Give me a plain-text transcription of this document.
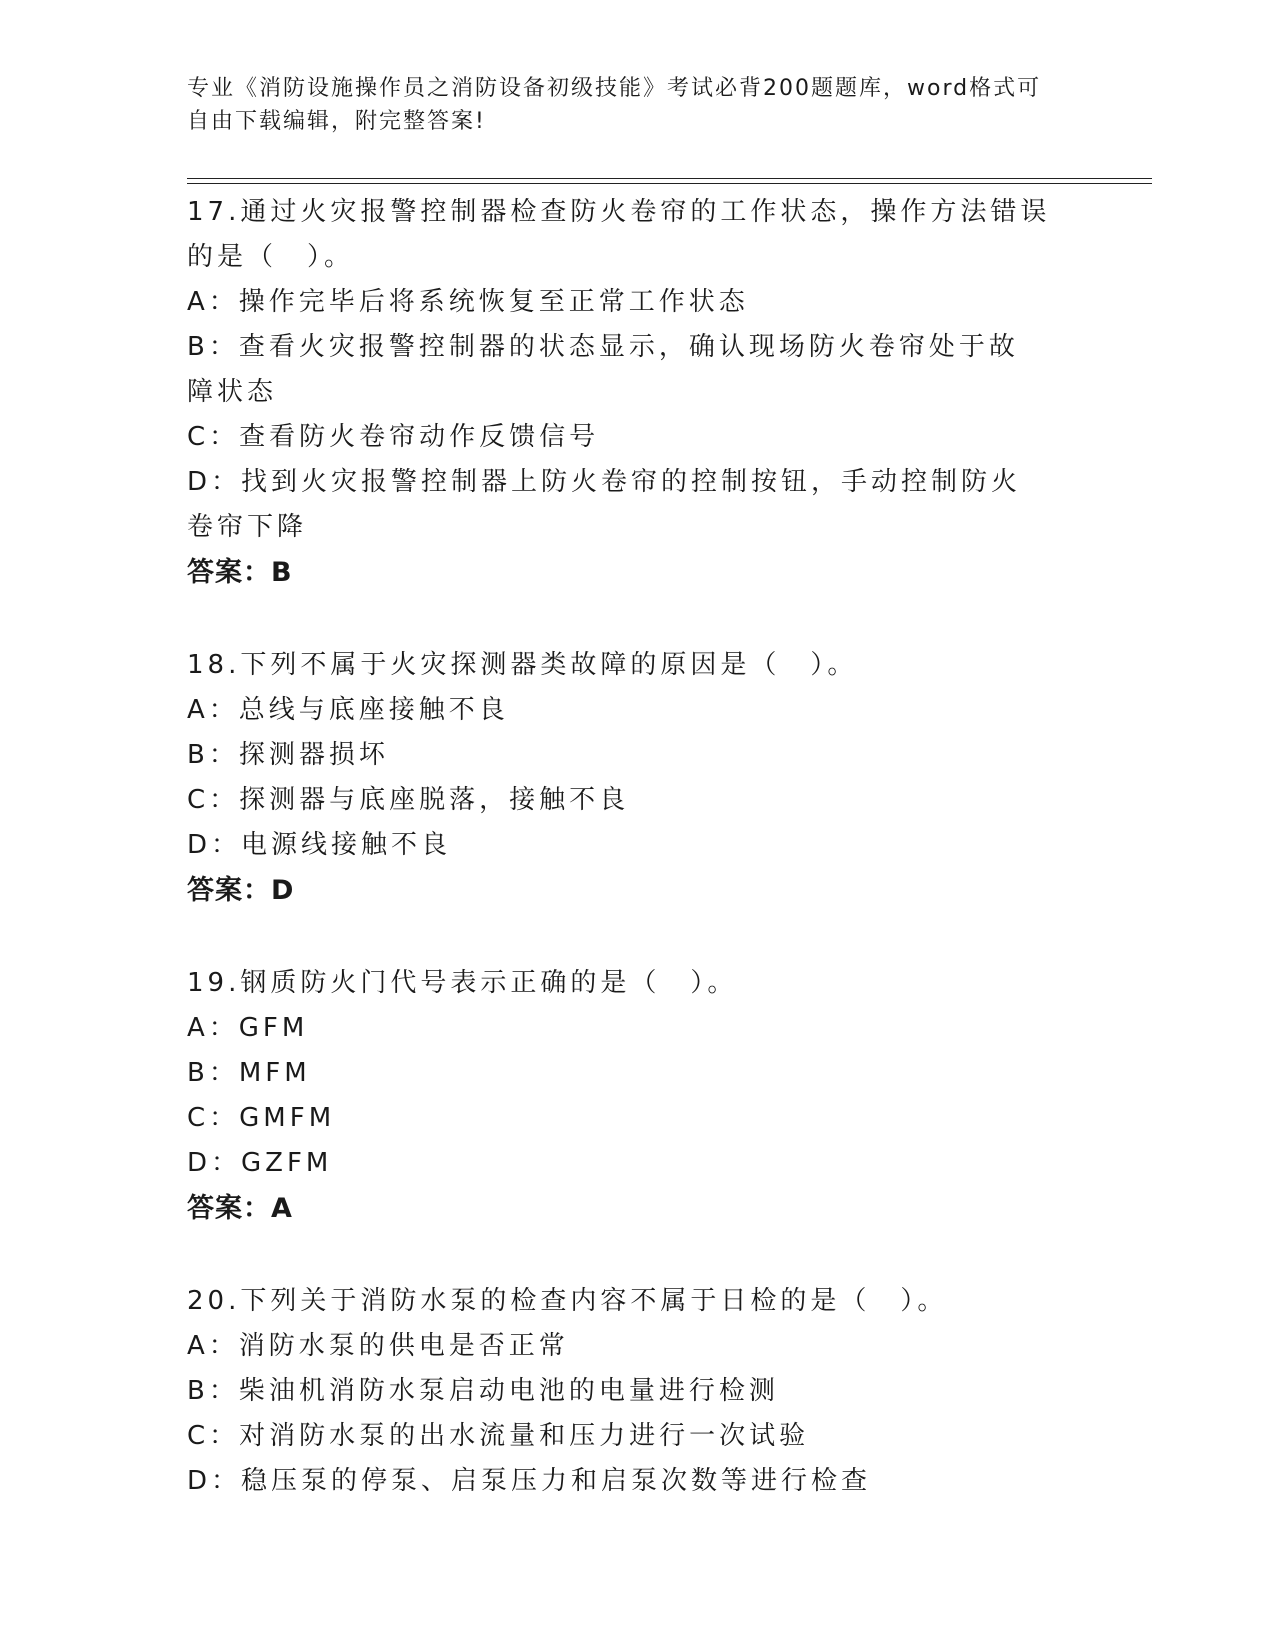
专业《消防设施操作员之消防设备初级技能》考试必背200题题库，word格式可
自由下载编辑，附完整答案!
17.通过火灾报警控制器检查防火卷帘的工作状态，操作方法错误的是（　）。
A：操作完毕后将系统恢复至正常工作状态
B：查看火灾报警控制器的状态显示，确认现场防火卷帘处于故障状态
C：查看防火卷帘动作反馈信号
D：找到火灾报警控制器上防火卷帘的控制按钮，手动控制防火卷帘下降
答案：B
18.下列不属于火灾探测器类故障的原因是（　）。
A：总线与底座接触不良
B：探测器损坏
C：探测器与底座脱落，接触不良
D：电源线接触不良
答案：D
19.钢质防火门代号表示正确的是（　）。
A：GFM
B：MFM
C：GMFM
D：GZFM
答案：A
20.下列关于消防水泵的检查内容不属于日检的是（　）。
A：消防水泵的供电是否正常
B：柴油机消防水泵启动电池的电量进行检测
C：对消防水泵的出水流量和压力进行一次试验
D：稳压泵的停泵、启泵压力和启泵次数等进行检查
